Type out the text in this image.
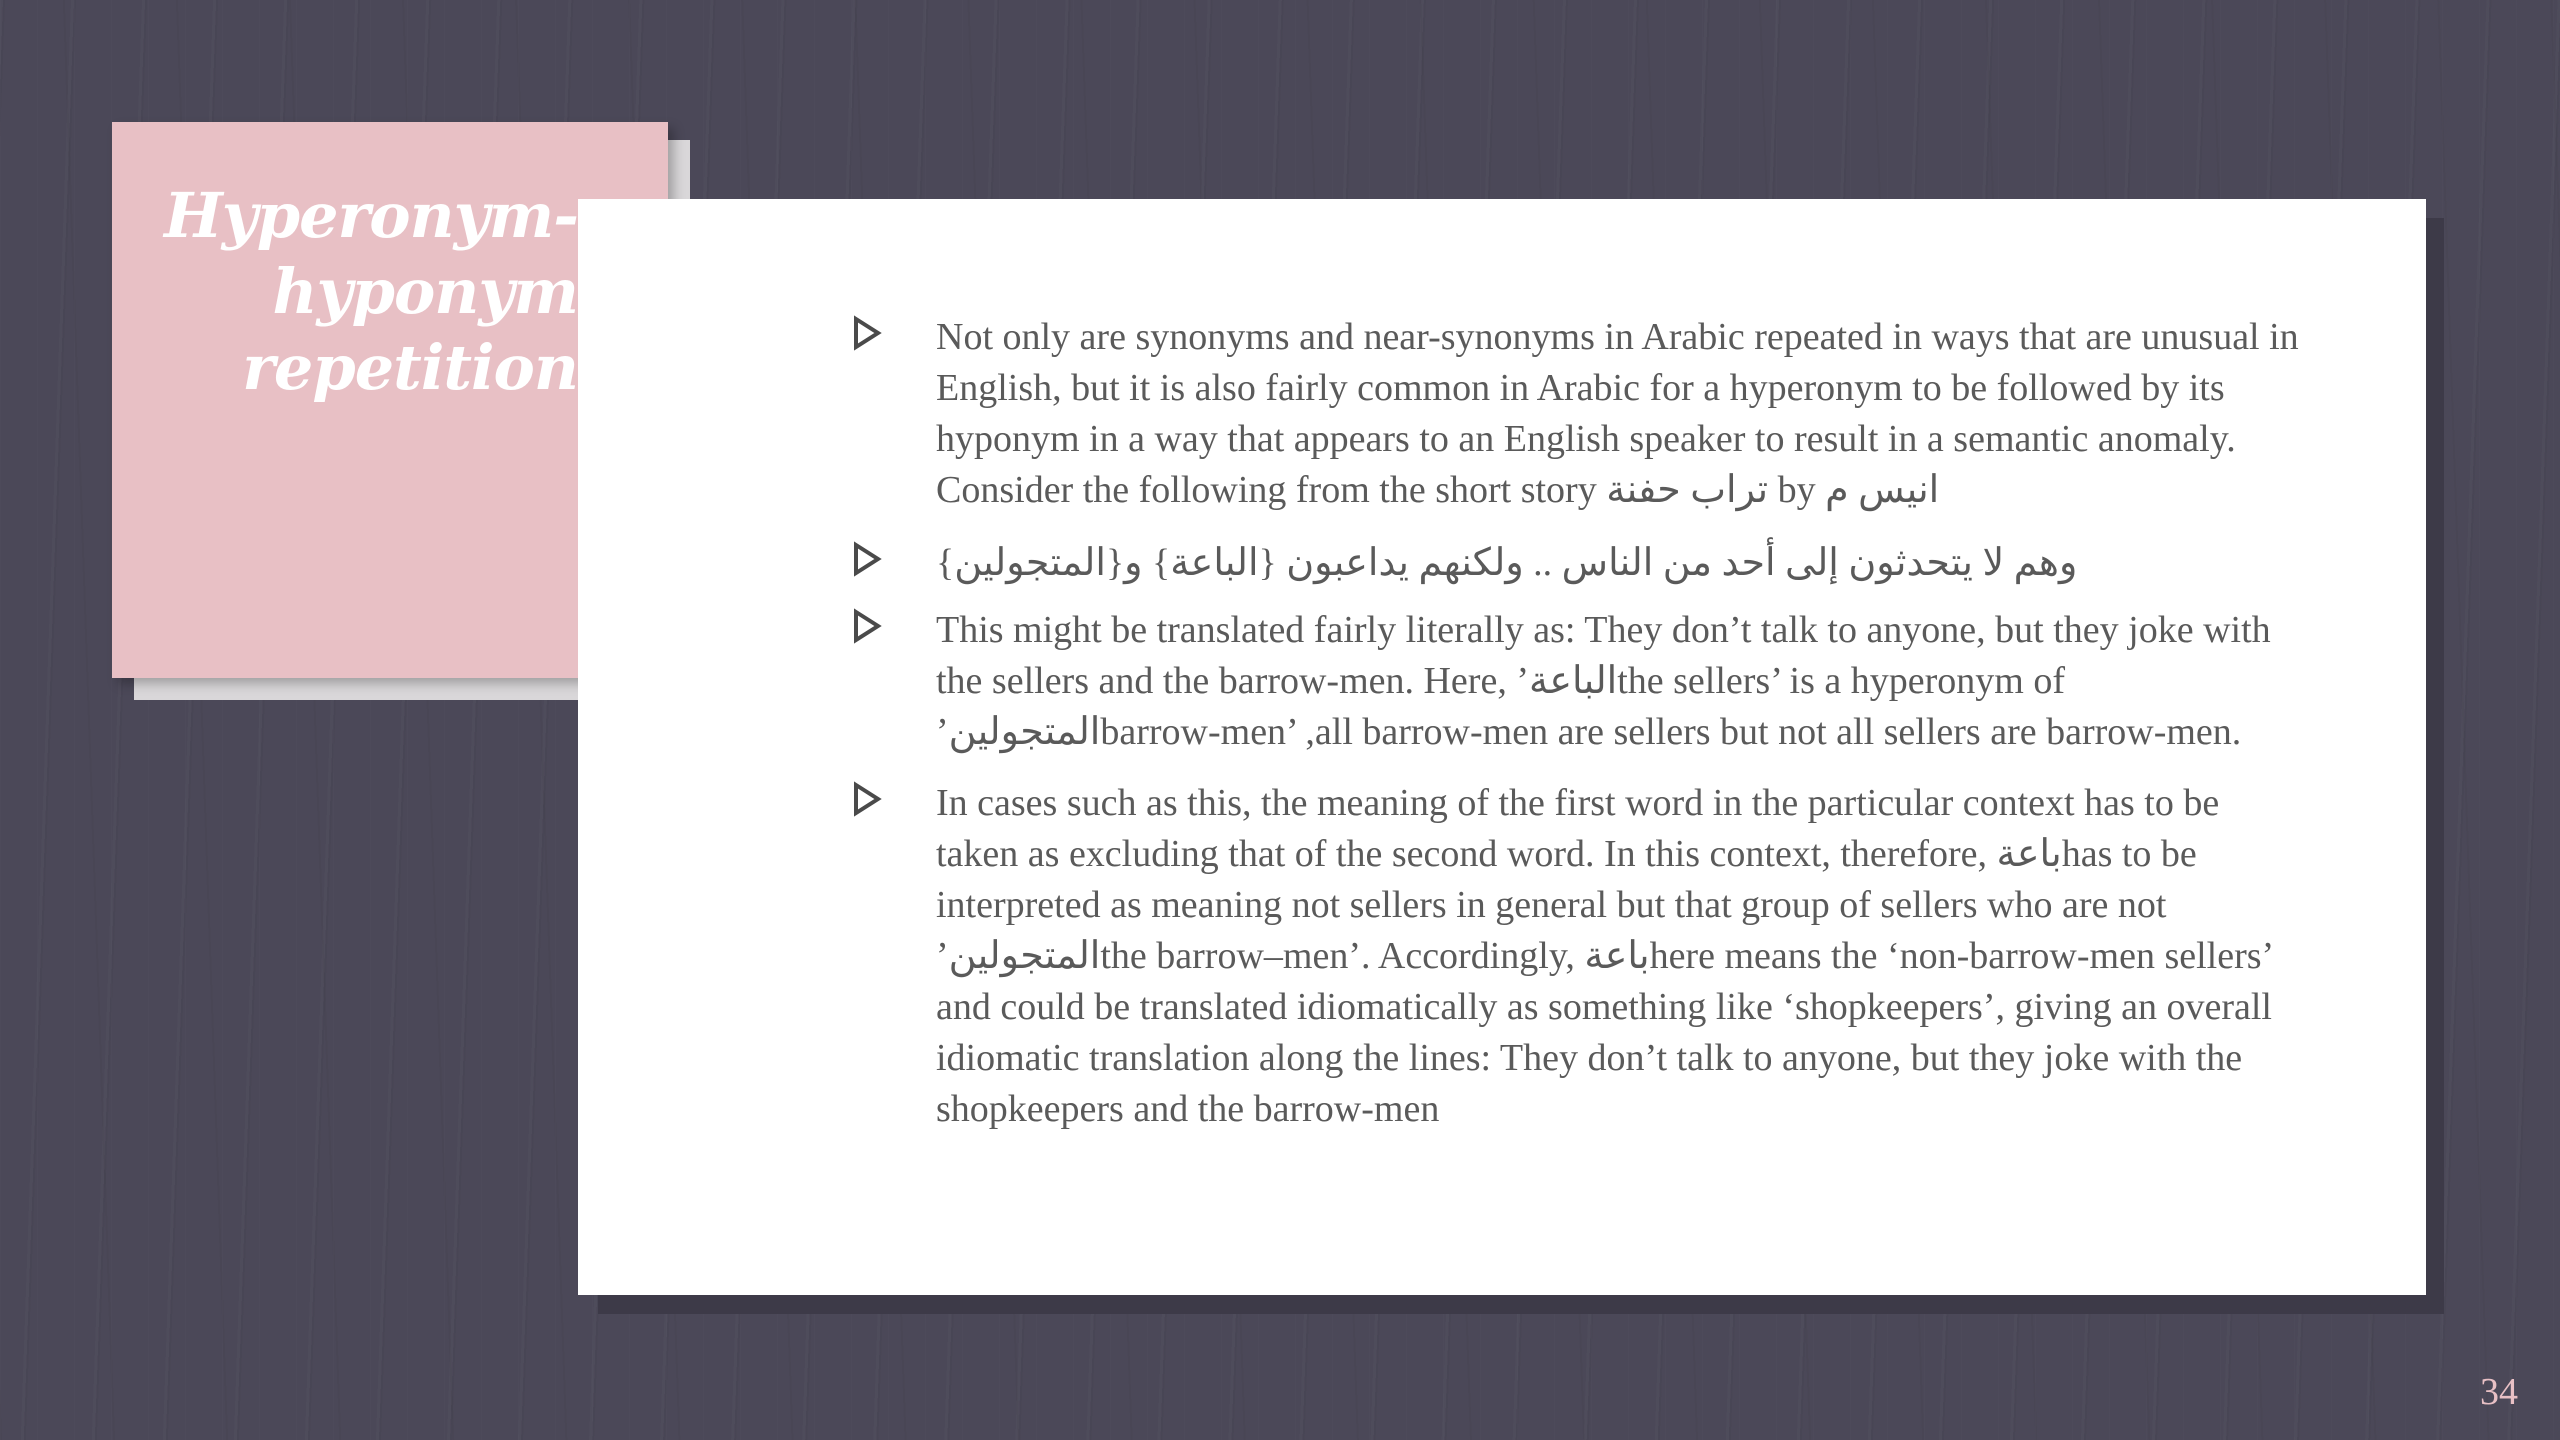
Hyperonym-hyponym repetition	Not only are synonyms and near-synonyms in Arabic repeated in ways that are unusual in English, but it is also fairly common in Arabic for a hyperonym to be followed by its hyponym in a way that appears to an English speaker to result in a semantic anomaly. Consider the following from the short story تراب حفنة by انيس م
وهم لا يتحدثون إلى أحد من الناس .. ولكنهم يداعبون {الباعة} و{المتجولين}
This might be translated fairly literally as: They don’t talk to anyone, but they joke with the sellers and the barrow-men. Here, ’الباعةthe sellers’ is a hyperonym of ’المتجولينbarrow-men’ ,all barrow-men are sellers but not all sellers are barrow-men.
In cases such as this, the meaning of the first word in the particular context has to be taken as excluding that of the second word. In this context, therefore, باعةhas to be interpreted as meaning not sellers in general but that group of sellers who are not ’المتجولينthe barrow–men’. Accordingly, باعةhere means the ‘non-barrow-men sellers’ and could be translated idiomatically as something like ‘shopkeepers’, giving an overall idiomatic translation along the lines: They don’t talk to anyone, but they joke with the shopkeepers and the barrow-men
34
